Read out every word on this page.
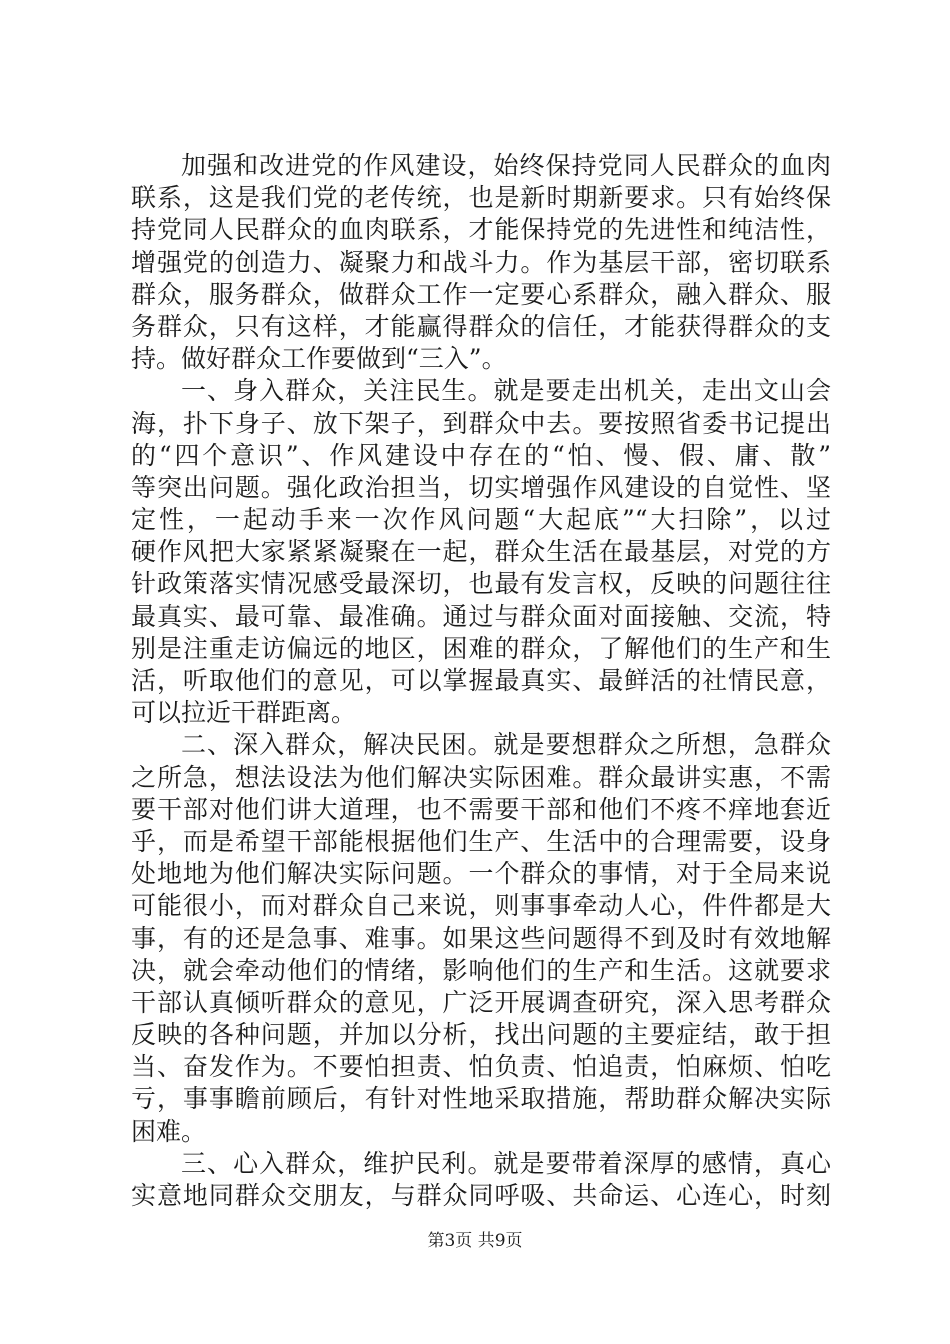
加强和改进党的作风建设，始终保持党同人民群众的血肉
联系，这是我们党的老传统，也是新时期新要求。只有始终保
持党同人民群众的血肉联系，才能保持党的先进性和纯洁性，
增强党的创造力、凝聚力和战斗力。作为基层干部，密切联系
群众，服务群众，做群众工作一定要心系群众，融入群众、服
务群众，只有这样，才能赢得群众的信任，才能获得群众的支
持。做好群众工作要做到“三入”。
一、身入群众，关注民生。就是要走出机关，走出文山会
海，扑下身子、放下架子，到群众中去。要按照省委书记提出
的“四个意识”、作风建设中存在的“怕、慢、假、庸、散”
等突出问题。强化政治担当，切实增强作风建设的自觉性、坚
定性，一起动手来一次作风问题“大起底”“大扫除”，以过
硬作风把大家紧紧凝聚在一起，群众生活在最基层，对党的方
针政策落实情况感受最深切，也最有发言权，反映的问题往往
最真实、最可靠、最准确。通过与群众面对面接触、交流，特
别是注重走访偏远的地区，困难的群众，了解他们的生产和生
活，听取他们的意见，可以掌握最真实、最鲜活的社情民意，
可以拉近干群距离。
二、深入群众，解决民困。就是要想群众之所想，急群众
之所急，想法设法为他们解决实际困难。群众最讲实惠，不需
要干部对他们讲大道理，也不需要干部和他们不疼不痒地套近
乎，而是希望干部能根据他们生产、生活中的合理需要，设身
处地地为他们解决实际问题。一个群众的事情，对于全局来说
可能很小，而对群众自己来说，则事事牵动人心，件件都是大
事，有的还是急事、难事。如果这些问题得不到及时有效地解
决，就会牵动他们的情绪，影响他们的生产和生活。这就要求
干部认真倾听群众的意见，广泛开展调查研究，深入思考群众
反映的各种问题，并加以分析，找出问题的主要症结，敢于担
当、奋发作为。不要怕担责、怕负责、怕追责，怕麻烦、怕吃
亏，事事瞻前顾后，有针对性地采取措施，帮助群众解决实际
困难。
三、心入群众，维护民利。就是要带着深厚的感情，真心
实意地同群众交朋友，与群众同呼吸、共命运、心连心，时刻
第3页 共9页
